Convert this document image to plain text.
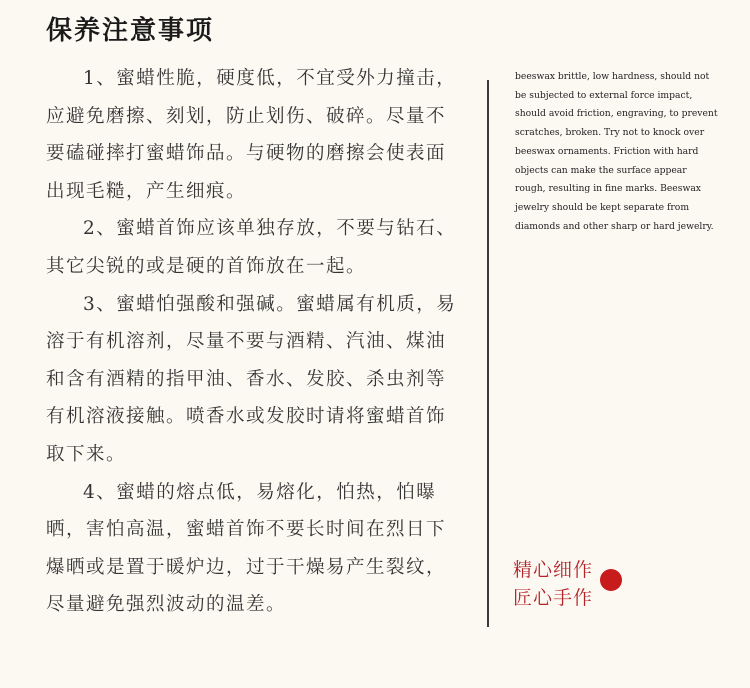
保养注意事项

1、蜜蜡性脆，硬度低，不宜受外力撞击，应避免磨擦、刻划，防止划伤、破碎。尽量不要磕碰摔打蜜蜡饰品。与硬物的磨擦会使表面出现毛糙，产生细痕。

2、蜜蜡首饰应该单独存放，不要与钻石、其它尖锐的或是硬的首饰放在一起。

3、蜜蜡怕强酸和强碱。蜜蜡属有机质，易溶于有机溶剂，尽量不要与酒精、汽油、煤油和含有酒精的指甲油、香水、发胶、杀虫剂等有机溶液接触。喷香水或发胶时请将蜜蜡首饰取下来。

4、蜜蜡的熔点低，易熔化，怕热，怕曝晒，害怕高温，蜜蜡首饰不要长时间在烈日下爆晒或是置于暖炉边，过于干燥易产生裂纹，尽量避免强烈波动的温差。

beeswax brittle, low hardness, should not be subjected to external force impact, should avoid friction, engraving, to prevent scratches, broken. Try not to knock over beeswax ornaments. Friction with hard objects can make the surface appear rough, resulting in fine marks. Beeswax jewelry should be kept separate from diamonds and other sharp or hard jewelry.
精心细作
匠心手作
